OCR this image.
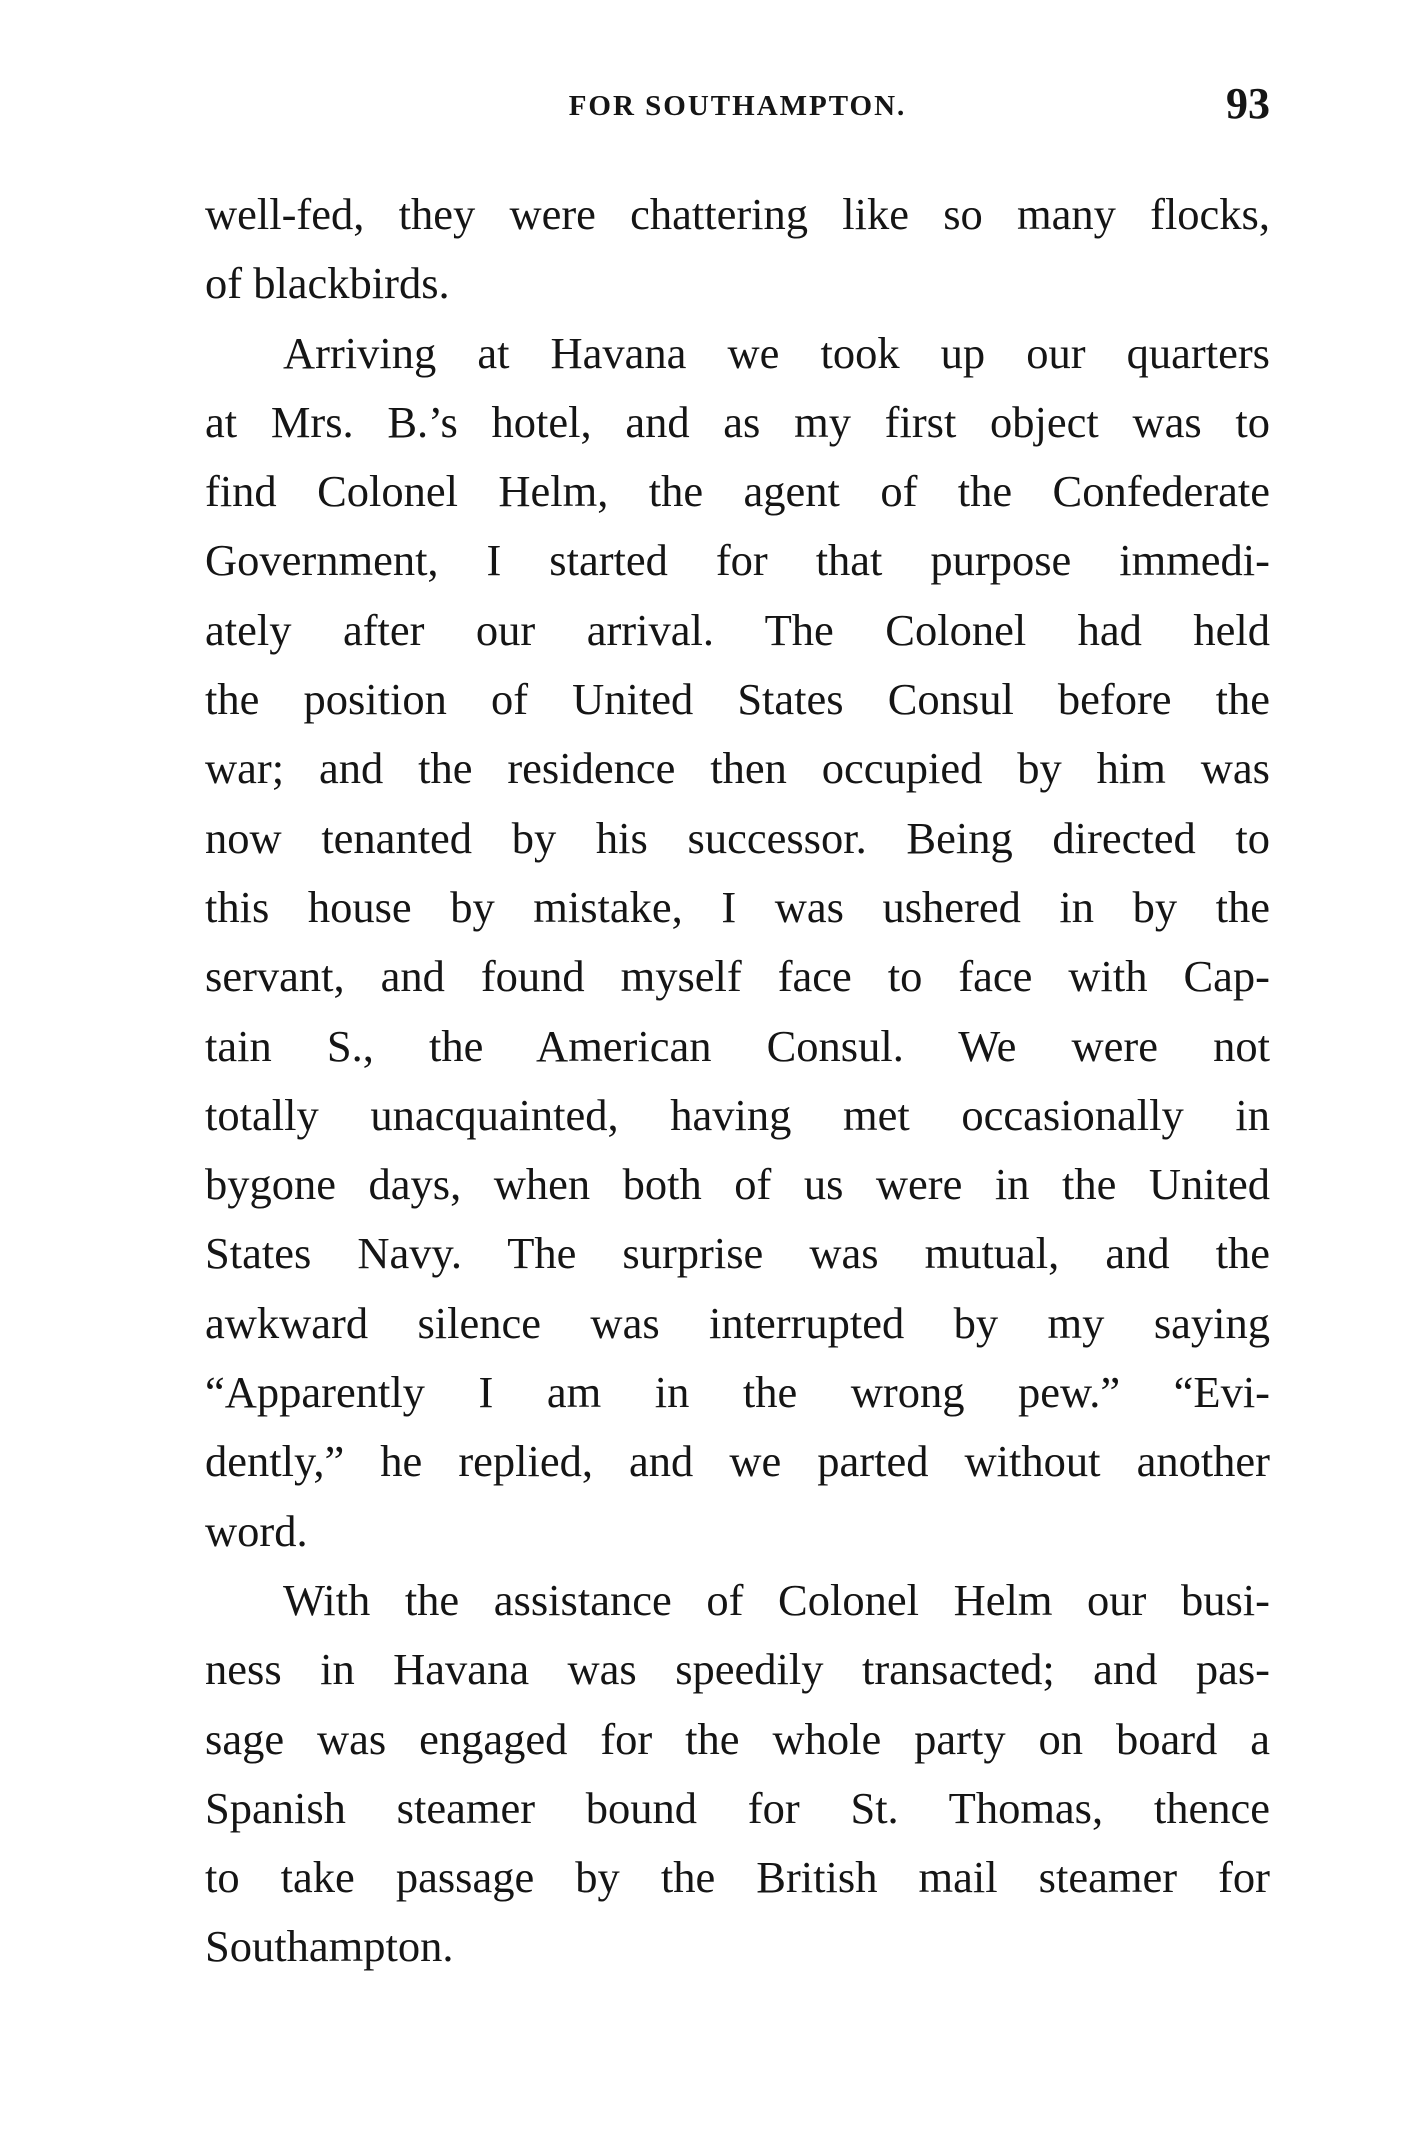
FOR SOUTHAMPTON.	93
well-fed, they were chattering like so many flocks,
of blackbirds.
Arriving at Havana we took up our quarters
at Mrs. B.’s hotel, and as my first object was to
find Colonel Helm, the agent of the Confederate
Government, I started for that purpose immedi-
ately after our arrival. The Colonel had held
the position of United States Consul before the
war; and the residence then occupied by him was
now tenanted by his successor. Being directed to
this house by mistake, I was ushered in by the
servant, and found myself face to face with Cap-
tain S., the American Consul. We were not
totally unacquainted, having met occasionally in
bygone days, when both of us were in the United
States Navy. The surprise was mutual, and the
awkward silence was interrupted by my saying
“Apparently I am in the wrong pew.” “Evi-
dently,” he replied, and we parted without another
word.
With the assistance of Colonel Helm our busi-
ness in Havana was speedily transacted; and pas-
sage was engaged for the whole party on board a
Spanish steamer bound for St. Thomas, thence
to take passage by the British mail steamer for
Southampton.
